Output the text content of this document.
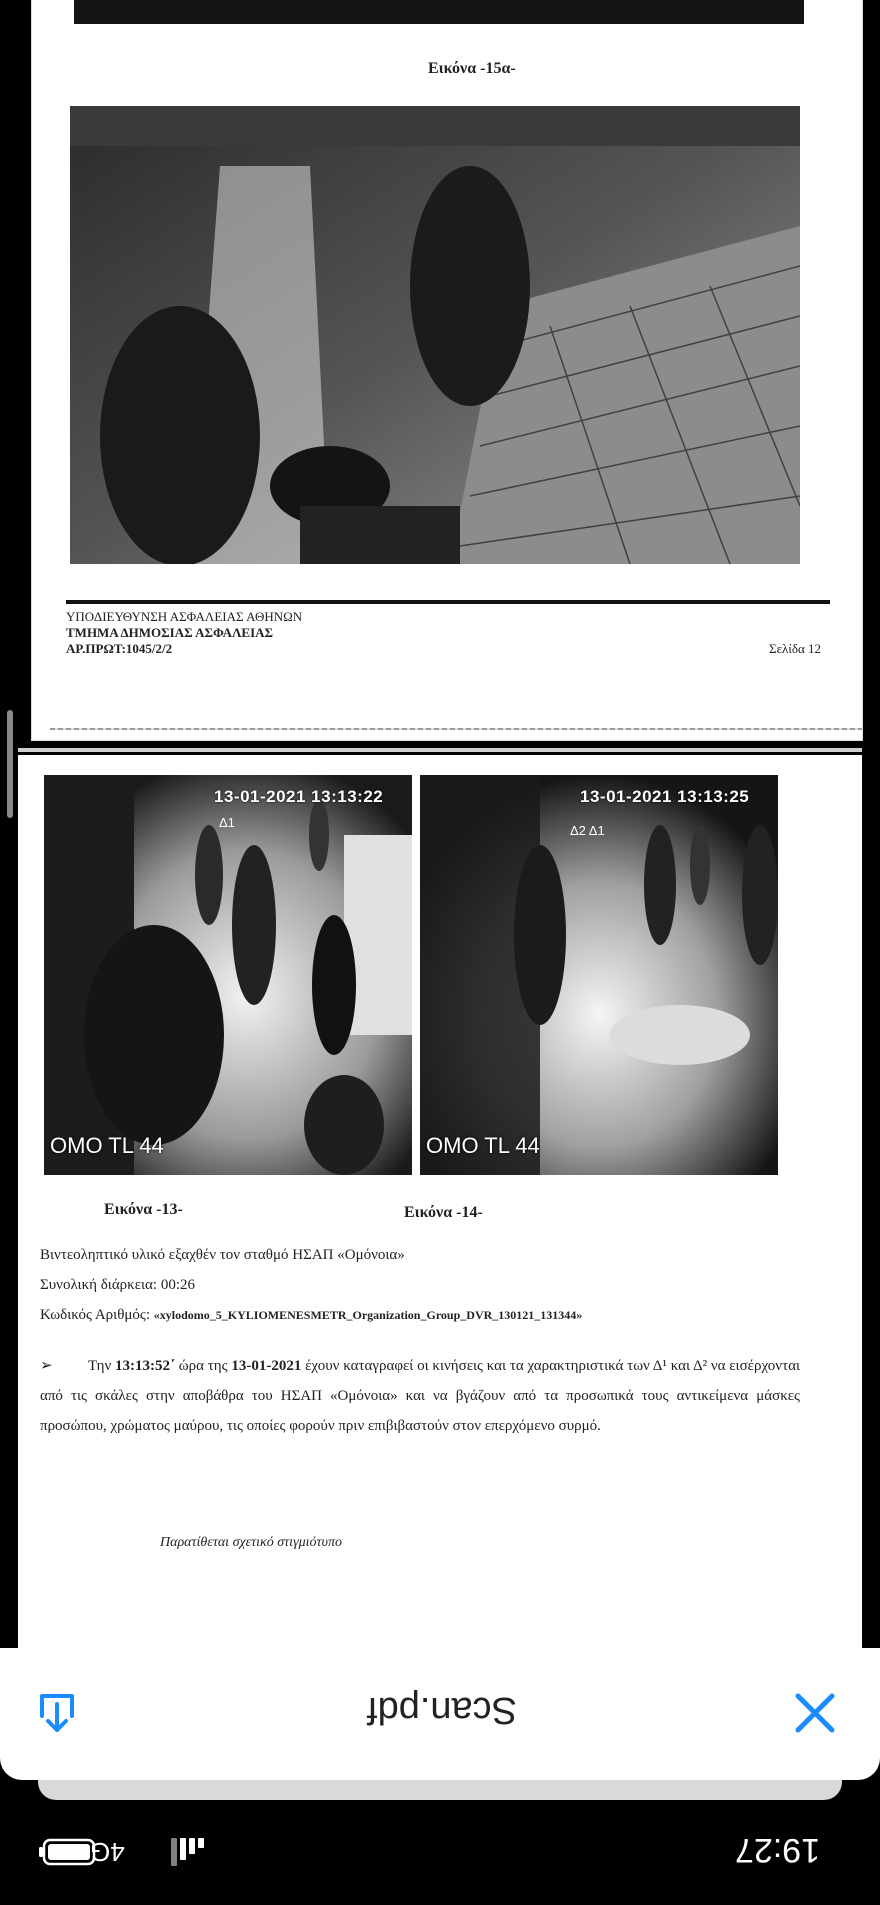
Εικόνα -15α-
ΥΠΟΔΙΕΥΘΥΝΣΗ ΑΣΦΑΛΕΙΑΣ ΑΘΗΝΩΝ
ΤΜΗΜΑ ΔΗΜΟΣΙΑΣ ΑΣΦΑΛΕΙΑΣ
ΑΡ.ΠΡΩΤ:1045/2/2	Σελίδα 12
13-01-2021 13:13:22
Δ1
OMO TL 44
13-01-2021 13:13:25
Δ2 Δ1
OMO TL 44
Εικόνα -13-	Εικόνα -14-
Βιντεοληπτικό υλικό εξαχθέν τον σταθμό ΗΣΑΠ «Ομόνοια»
Συνολική διάρκεια: 00:26
Κωδικός Αριθμός: «xylodomo_5_KYLIOMENESMETR_Organization_Group_DVR_130121_131344»
➢ Την 13:13:52΄ ώρα της 13-01-2021 έχουν καταγραφεί οι κινήσεις και τα χαρακτηριστικά των Δ¹ και Δ² να εισέρχονται από τις σκάλες στην αποβάθρα του ΗΣΑΠ «Ομόνοια» και να βγάζουν από τα προσωπικά τους αντικείμενα μάσκες προσώπου, χρώματος μαύρου, τις οποίες φορούν πριν επιβιβαστούν στον επερχόμενο συρμό.
Παρατίθεται σχετικό στιγμιότυπο
Scan.pdf
19:27
4G
